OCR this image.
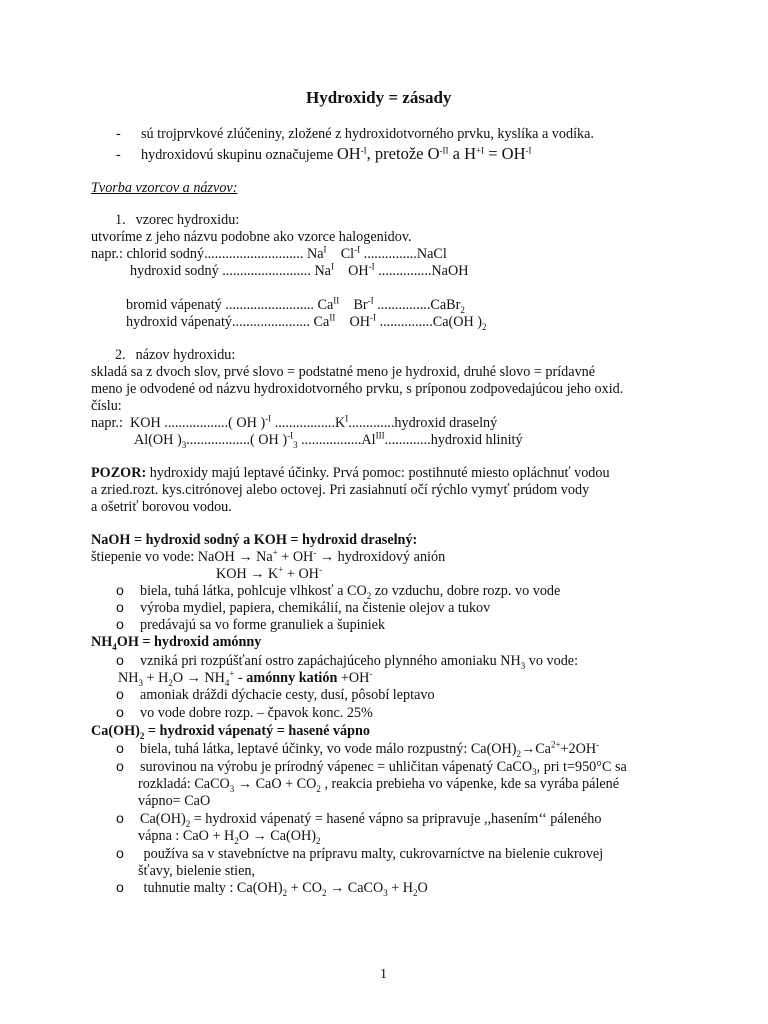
Hydroxidy = zásady
- sú trojprvkové zlúčeniny, zložené z hydroxidotvorného prvku, kyslíka a vodíka.
- hydroxidovú skupinu označujeme $OH^{-I}$, pretože $O^{-II}$ a $H^{+I} = OH^{-I}$
Tvorba vzorcov a názvov:
1. vzorec hydroxidu:
utvoríme z jeho názvu podobne ako vzorce halogenidov.
napr.: chlorid sodný............................ $Na^I$    $Cl^{-I}$ ...............NaCl
hydroxid sodný ......................... $Na^I$    $OH^{-I}$ ...............NaOH
bromid vápenatý ......................... $Ca^{II}$    $Br^{-I}$ ...............CaBr$_2$
hydroxid vápenatý...................... $Ca^{II}$    $OH^{-I}$ ...............Ca(OH )$_2$
2. názov hydroxidu:
skladá sa z dvoch slov, prvé slovo = podstatné meno je hydroxid, druhé slovo = prídavné
meno je odvodené od názvu hydroxidotvorného prvku, s príponou zodpovedajúcou jeho oxid.
číslu:
napr.:  KOH ..................( OH )$^{-I}$ $.................K^I.............hydroxid$ draselný
Al(OH )$_3$..................( OH )$^{-I}_3$ $.................Al^{III}.............hydroxid$ hlinitý
POZOR: hydroxidy majú leptavé účinky. Prvá pomoc: postihnuté miesto opláchnuť vodou
a zried.rozt. kys.citrónovej alebo octovej. Pri zasiahnutí očí rýchlo vymyť prúdom vody
a ošetriť borovou vodou.
NaOH = hydroxid sodný a KOH = hydroxid draselný:
štiepenie vo vode: NaOH → Na+ + OH- → hydroxidový anión
KOH → K+ + OH-
o biela, tuhá látka, pohlcuje vlhkosť a $CO_2$ zo vzduchu, dobre rozp. vo vode
o výroba mydiel, papiera, chemikálií, na čistenie olejov a tukov
o predávajú sa vo forme granuliek a šupiniek
$NH_4OH$ = hydroxid amónny
o vzniká pri rozpúšťaní ostro zapáchajúceho plynného amoniaku $NH_3$ vo vode:
$NH_3 + H_2O \to NH_4^+$ - amónny katión +OH-
o amoniak dráždi dýchacie cesty, dusí, pôsobí leptavo
o vo vode dobre rozp. – čpavok konc. 25%
$Ca(OH)_2$ = hydroxid vápenatý = hasené vápno
o biela, tuhá látka, leptavé účinky, vo vode málo rozpustný: $Ca(OH)_2\to Ca^{2+}+2OH^-$
o surovinou na výrobu je prírodný vápenec = uhličitan vápenatý CaCO$_3$, pri t=950°C sa
rozkladá: CaCO$_3$ → CaO + $CO_2$ , reakcia prebieha vo vápenke, kde sa vyrába pálené
vápno= CaO
o $Ca(OH)_2$ = hydroxid vápenatý = hasené vápno sa pripravuje ,,hasením‘‘ páleného
vápna : CaO + $H_2O \to Ca(OH)_2$
o používa sa v stavebníctve na prípravu malty, cukrovarníctve na bielenie cukrovej
šťavy, bielenie stien,
o tuhnutie malty : $Ca(OH)_2 + CO_2$ → CaCO$_3$ + $H_2O$
1
